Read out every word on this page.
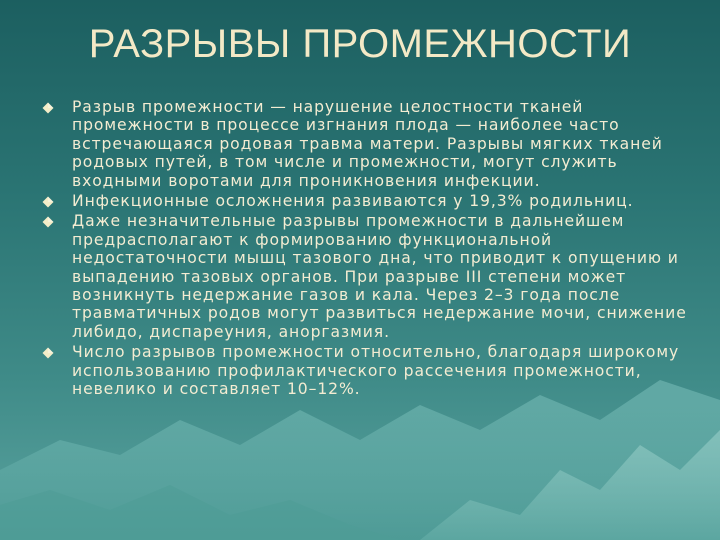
РАЗРЫВЫ ПРОМЕЖНОСТИ
Разрыв промежности — нарушение целостности тканей промежности в процессе изгнания плода — наиболее часто встречающаяся родовая травма матери. Разрывы мягких тканей родовых путей, в том числе и промежности, могут служить входными воротами для проникновения инфекции.
Инфекционные осложнения развиваются у 19,3% родильниц.
Даже незначительные разрывы промежности в дальнейшем предрасполагают к формированию функциональной недостаточности мышц тазового дна, что приводит к опущению и выпадению тазовых органов. При разрыве III степени может возникнуть недержание газов и кала. Через 2–3 года после травматичных родов могут развиться недержание мочи, снижение либидо, диспареуния, аноргазмия.
Число разрывов промежности относительно, благодаря широкому использованию профилактического рассечения промежности, невелико и составляет 10–12%.
